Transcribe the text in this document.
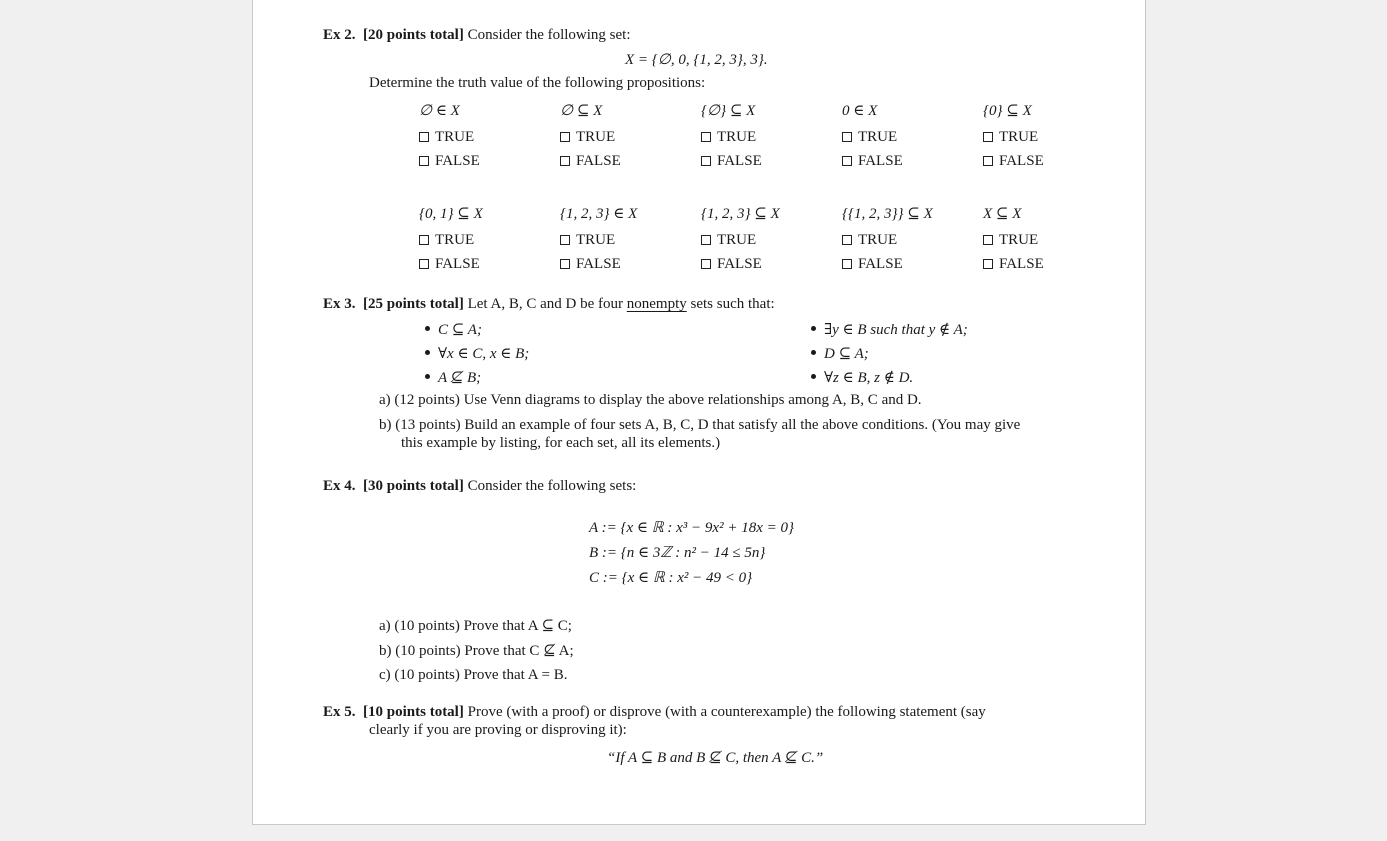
Ex 2. [20 points total] Consider the following set:
X = {∅, 0, {1, 2, 3}, 3}.
Determine the truth value of the following propositions:
∅ ∈ X
TRUE
FALSE
∅ ⊆ X
TRUE
FALSE
{∅} ⊆ X
TRUE
FALSE
0 ∈ X
TRUE
FALSE
{0} ⊆ X
TRUE
FALSE
{0, 1} ⊆ X
TRUE
FALSE
{1, 2, 3} ∈ X
TRUE
FALSE
{1, 2, 3} ⊆ X
TRUE
FALSE
{{1, 2, 3}} ⊆ X
TRUE
FALSE
X ⊆ X
TRUE
FALSE
Ex 3. [25 points total] Let A, B, C and D be four nonempty sets such that:
C ⊆ A;
∀x ∈ C, x ∈ B;
A ⊈ B;
∃y ∈ B such that y ∉ A;
D ⊆ A;
∀z ∈ B, z ∉ D.
a) (12 points) Use Venn diagrams to display the above relationships among A, B, C and D.
b) (13 points) Build an example of four sets A, B, C, D that satisfy all the above conditions. (You may give
this example by listing, for each set, all its elements.)
Ex 4. [30 points total] Consider the following sets:
A := {x ∈ ℝ : x³ − 9x² + 18x = 0}
B := {n ∈ 3ℤ : n² − 14 ≤ 5n}
C := {x ∈ ℝ : x² − 49 < 0}
a) (10 points) Prove that A ⊆ C;
b) (10 points) Prove that C ⊈ A;
c) (10 points) Prove that A = B.
Ex 5. [10 points total] Prove (with a proof) or disprove (with a counterexample) the following statement (say
clearly if you are proving or disproving it):
“If A ⊆ B and B ⊈ C, then A ⊈ C.”
